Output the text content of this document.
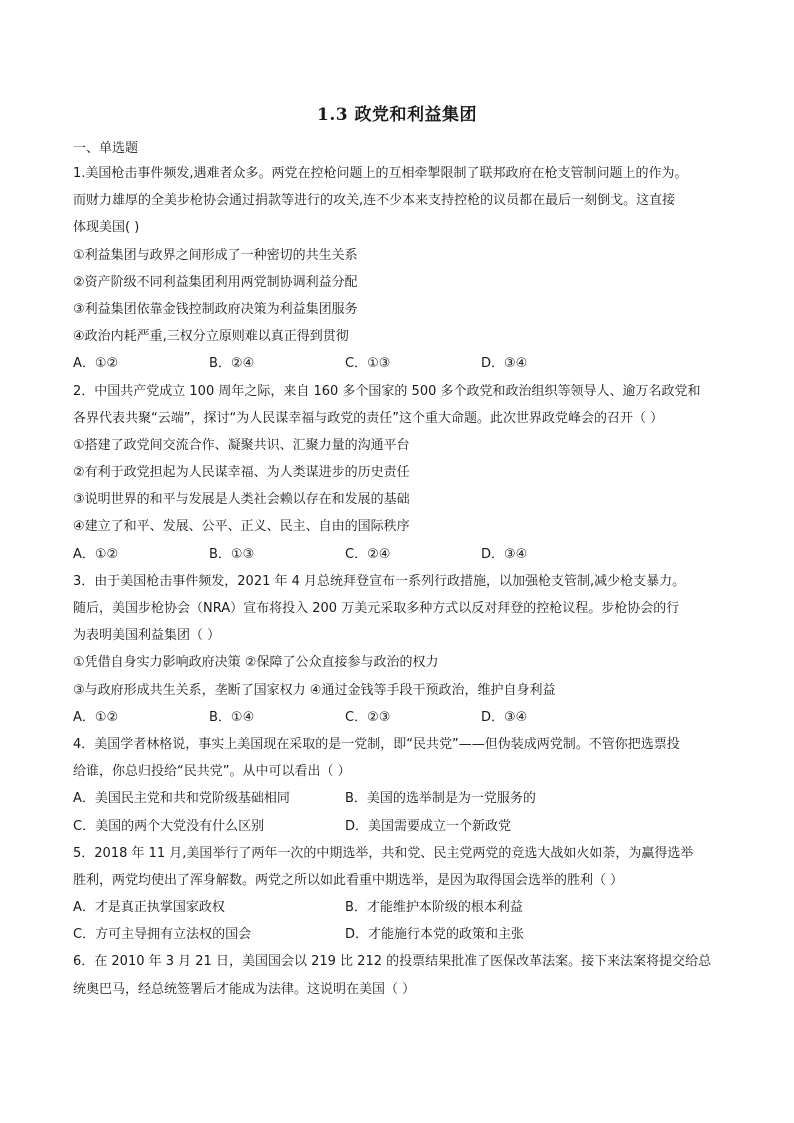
1.3 政党和利益集团
一、单选题
1.美国枪击事件频发,遇难者众多。两党在控枪问题上的互相牵掣限制了联邦政府在枪支管制问题上的作为。
而财力雄厚的全美步枪协会通过捐款等进行的攻关,连不少本来支持控枪的议员都在最后一刻倒戈。这直接
体现美国( )
①利益集团与政界之间形成了一种密切的共生关系
②资产阶级不同利益集团利用两党制协调利益分配
③利益集团依靠金钱控制政府决策为利益集团服务
④政治内耗严重,三权分立原则难以真正得到贯彻
A．①②	B．②④	C．①③	D．③④
2．中国共产党成立 100 周年之际，来自 160 多个国家的 500 多个政党和政治组织等领导人、逾万名政党和
各界代表共聚“云端”，探讨“为人民谋幸福与政党的责任”这个重大命题。此次世界政党峰会的召开（ ）
①搭建了政党间交流合作、凝聚共识、汇聚力量的沟通平台
②有利于政党担起为人民谋幸福、为人类谋进步的历史责任
③说明世界的和平与发展是人类社会赖以存在和发展的基础
④建立了和平、发展、公平、正义、民主、自由的国际秩序
A．①②	B．①③	C．②④	D．③④
3．由于美国枪击事件频发，2021 年 4 月总统拜登宣布一系列行政措施，以加强枪支管制,减少枪支暴力。
随后，美国步枪协会（NRA）宣布将投入 200 万美元采取多种方式以反对拜登的控枪议程。步枪协会的行
为表明美国利益集团（ ）
①凭借自身实力影响政府决策 ②保障了公众直接参与政治的权力
③与政府形成共生关系，垄断了国家权力 ④通过金钱等手段干预政治，维护自身利益
A．①②	B．①④	C．②③	D．③④
4．美国学者林格说，事实上美国现在采取的是一党制，即“民共党”——但伪装成两党制。不管你把选票投
给谁，你总归投给“民共党”。从中可以看出（ ）
A．美国民主党和共和党阶级基础相同	B．美国的选举制是为一党服务的
C．美国的两个大党没有什么区别	D．美国需要成立一个新政党
5．2018 年 11 月,美国举行了两年一次的中期选举，共和党、民主党两党的竞选大战如火如荼，为赢得选举
胜利，两党均使出了浑身解数。两党之所以如此看重中期选举，是因为取得国会选举的胜利（ ）
A．才是真正执掌国家政权	B．才能维护本阶级的根本利益
C．方可主导拥有立法权的国会	D．才能施行本党的政策和主张
6．在 2010 年 3 月 21 日，美国国会以 219 比 212 的投票结果批准了医保改革法案。接下来法案将提交给总
统奥巴马，经总统签署后才能成为法律。这说明在美国（ ）
